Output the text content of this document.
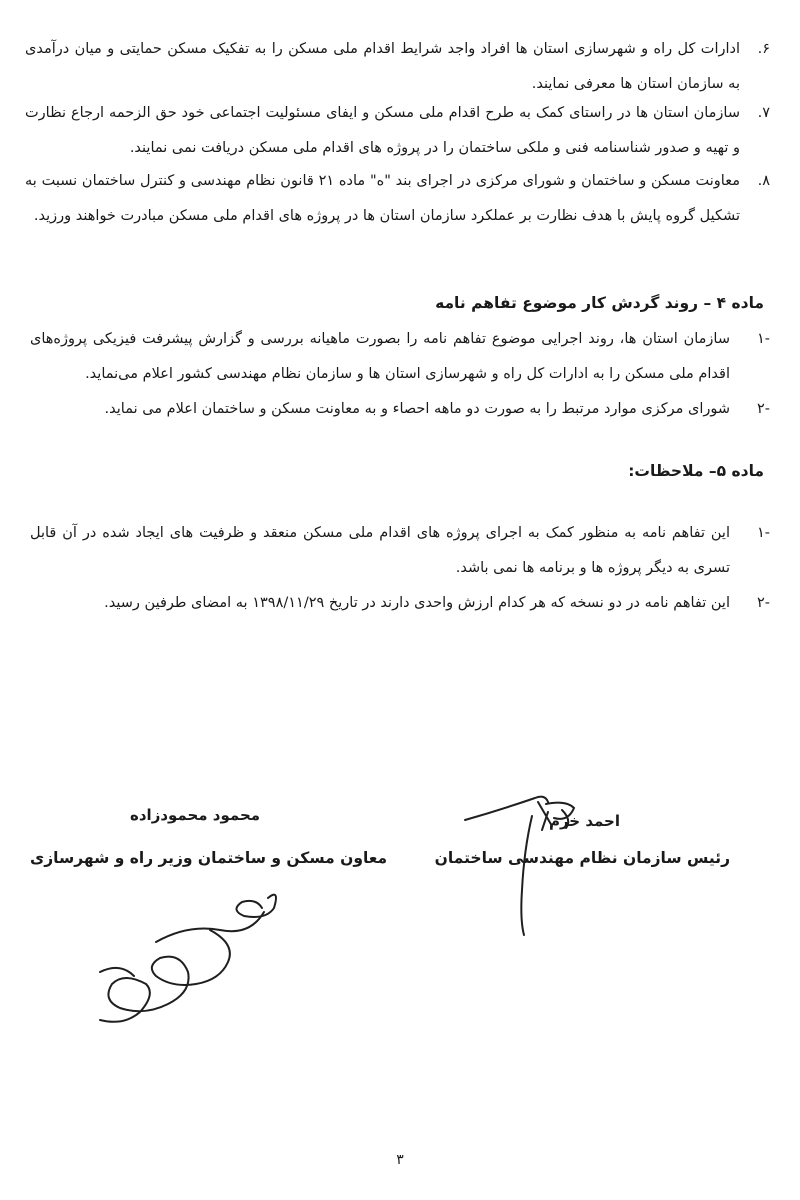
۶.
ادارات کل راه و شهرسازی استان ها افراد واجد شرایط اقدام ملی مسکن را به تفکیک مسکن حمایتی و میان درآمدی به سازمان استان ها معرفی نمایند.
۷.
سازمان استان ها در راستای کمک به طرح اقدام ملی مسکن و ایفای مسئولیت اجتماعی خود حق الزحمه ارجاع نظارت و تهیه و صدور شناسنامه فنی و ملکی ساختمان را در پروژه های اقدام ملی مسکن دریافت نمی نمایند.
۸.
معاونت مسکن و ساختمان و شورای مرکزی در اجرای بند "ه" ماده ۲۱ قانون نظام مهندسی و کنترل ساختمان نسبت به تشکیل گروه پایش با هدف نظارت بر عملکرد سازمان استان ها در پروژه های اقدام ملی مسکن مبادرت خواهند ورزید.
ماده ۴ – روند گردش کار موضوع تفاهم نامه
-۱
سازمان استان ها، روند اجرایی موضوع تفاهم نامه را بصورت ماهیانه بررسی و گزارش پیشرفت فیزیکی پروژه‌های اقدام ملی مسکن را به ادارات کل راه و شهرسازی استان ها و سازمان نظام مهندسی کشور اعلام می‌نماید.
-۲
شورای مرکزی موارد مرتبط را به صورت دو ماهه احصاء و به معاونت مسکن و ساختمان اعلام می نماید.
ماده ۵– ملاحظات:
-۱
این تفاهم نامه به منظور کمک به اجرای پروژه های اقدام ملی مسکن منعقد و ظرفیت های ایجاد شده در آن قابل تسری به دیگر پروژه ها و برنامه ها نمی باشد.
-۲
این تفاهم نامه در دو نسخه که هر کدام ارزش واحدی دارند در تاریخ ۱۳۹۸/۱۱/۲۹ به امضای طرفین رسید.
احمد خرم
رئیس سازمان نظام مهندسی ساختمان
محمود محمودزاده
معاون مسکن و ساختمان وزیر راه و شهرسازی
۳
